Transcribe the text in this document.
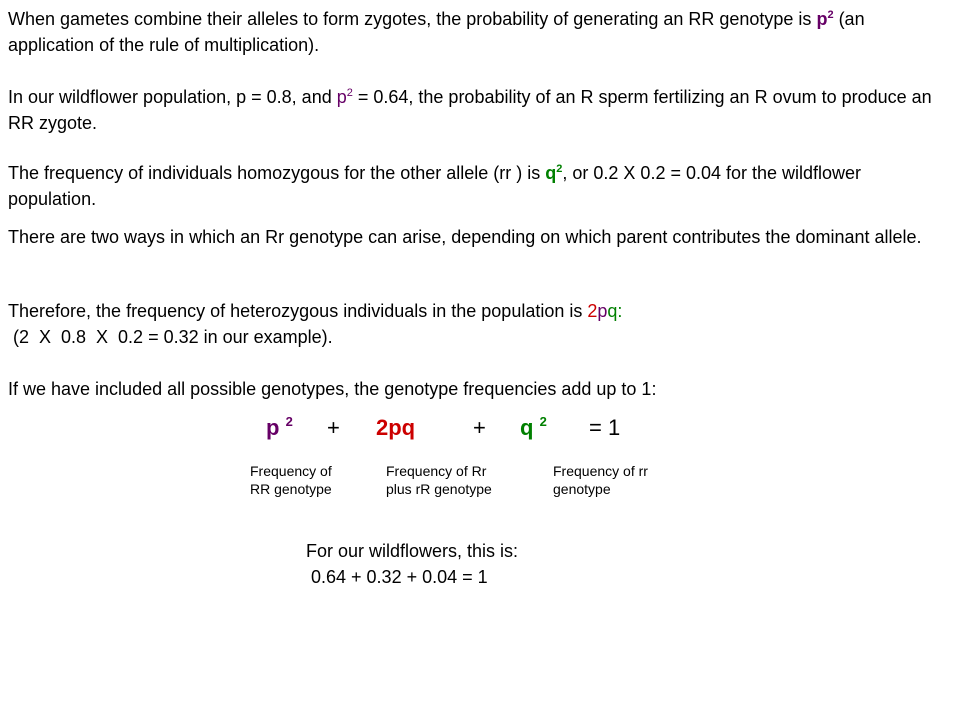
When gametes combine their alleles to form zygotes, the probability of generating an RR genotype is $p^2$ (an application of the rule of multiplication).
In our wildflower population, p = 0.8, and $p^2 = 0.64$, the probability of an R sperm fertilizing an R ovum to produce an RR zygote.
The frequency of individuals homozygous for the other allele (rr ) is $q^2$, or 0.2 X 0.2 = 0.04 for the wildflower population.
There are two ways in which an Rr genotype can arise, depending on which parent contributes the dominant allele.
Therefore, the frequency of heterozygous individuals in the population is 2pq:
(2  X  0.8  X  0.2 = 0.32 in our example).
If we have included all possible genotypes, the genotype frequencies add up to 1:
p $^2$ + 2pq	+ q $^2$ = 1
Frequency of
RR genotype
Frequency of Rr
plus rR genotype
Frequency of rr
genotype
For our wildflowers, this is:
0.64 + 0.32 + 0.04 = 1
